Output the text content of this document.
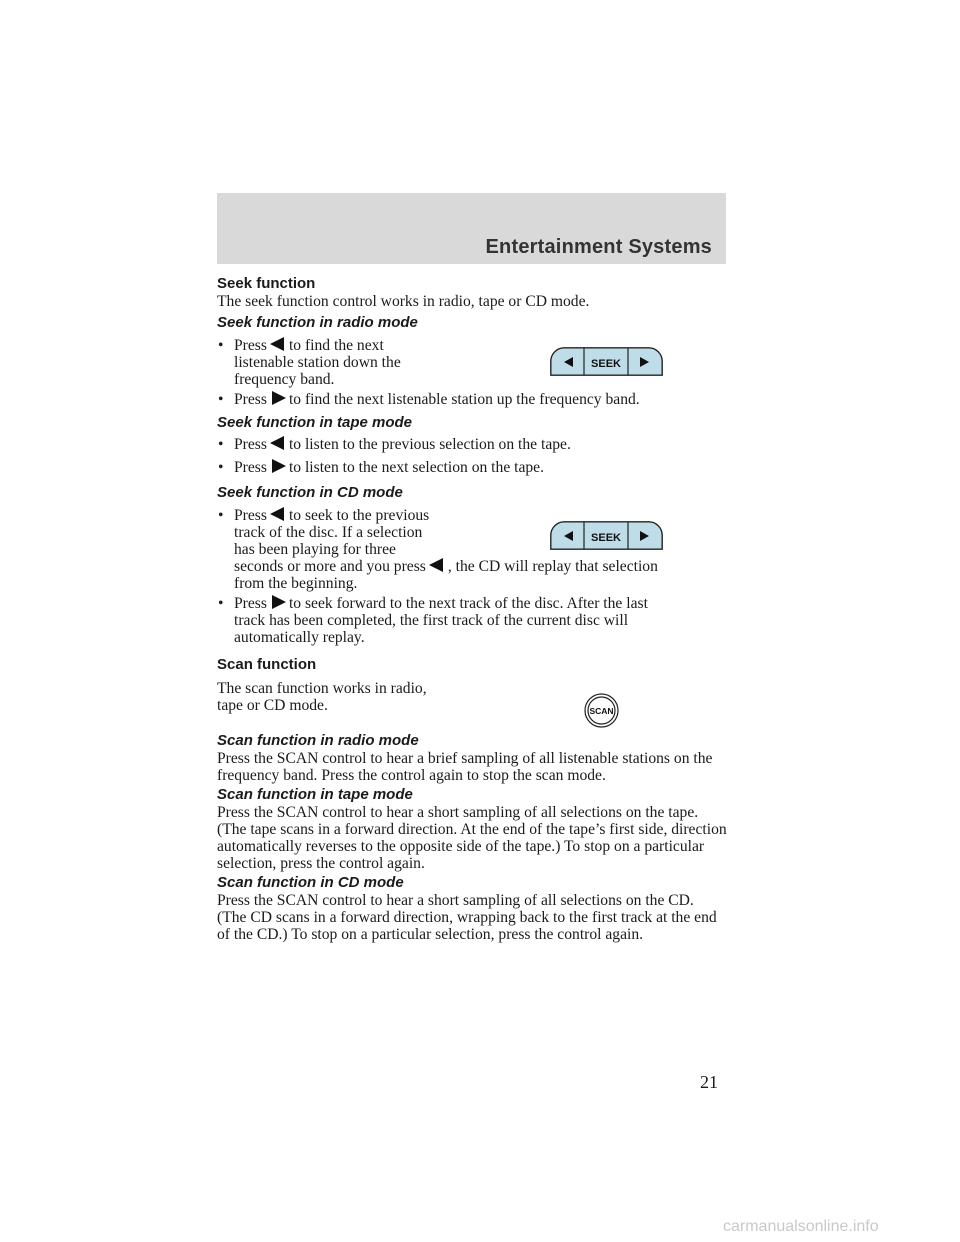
Entertainment Systems

Seek function

The seek function control works in radio, tape or CD mode.

Seek function in radio mode

• Press to find the next
listenable station down the
frequency band.
• Press to find the next listenable station up the frequency band.

Seek function in tape mode

• Press to listen to the previous selection on the tape.
• Press to listen to the next selection on the tape.

Seek function in CD mode

• Press to seek to the previous
track of the disc. If a selection
has been playing for three
seconds or more and you press , the CD will replay that selection
from the beginning.
• Press to seek forward to the next track of the disc. After the last
track has been completed, the first track of the current disc will
automatically replay.

Scan function

The scan function works in radio,
tape or CD mode.

Scan function in radio mode

Press the SCAN control to hear a brief sampling of all listenable stations on the frequency band. Press the control again to stop the scan mode.

Scan function in tape mode

Press the SCAN control to hear a short sampling of all selections on the tape. (The tape scans in a forward direction. At the end of the tape’s first side, direction automatically reverses to the opposite side of the tape.) To stop on a particular selection, press the control again.

Scan function in CD mode

Press the SCAN control to hear a short sampling of all selections on the CD. (The CD scans in a forward direction, wrapping back to the first track at the end of the CD.) To stop on a particular selection, press the control again.

SEEK
SEEK
SCAN
21
carmanualsonline.info
